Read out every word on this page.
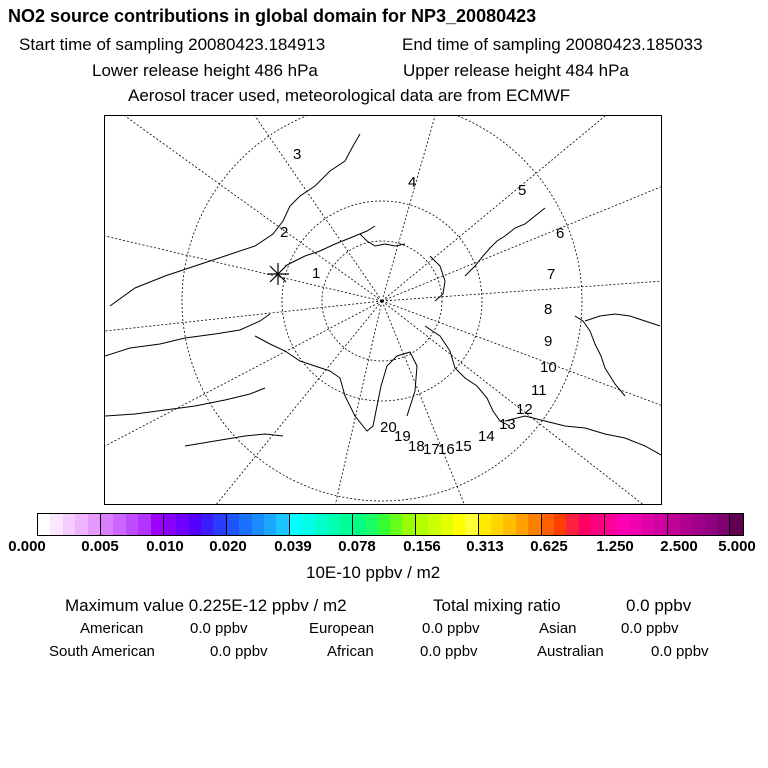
NO2 source contributions in global domain for NP3_20080423
Start time of sampling 20080423.184913	End time of sampling 20080423.185033
Lower release height 486 hPa	Upper release height 484 hPa
Aerosol tracer used, meteorological data are from ECMWF
1
2
3
4	5
6
7
8
9
10
11
12
13
14
15
16
17
18
19
20
0.000 0.005 0.010 0.020 0.039 0.078 0.156 0.313 0.625 1.250 2.500 5.000
10E-10 ppbv / m2
Maximum value 0.225E-12 ppbv / m2	Total mixing ratio	0.0 ppbv
American	0.0 ppbv	European	0.0 ppbv	Asian	0.0 ppbv
South American	0.0 ppbv	African	0.0 ppbv	Australian	0.0 ppbv
